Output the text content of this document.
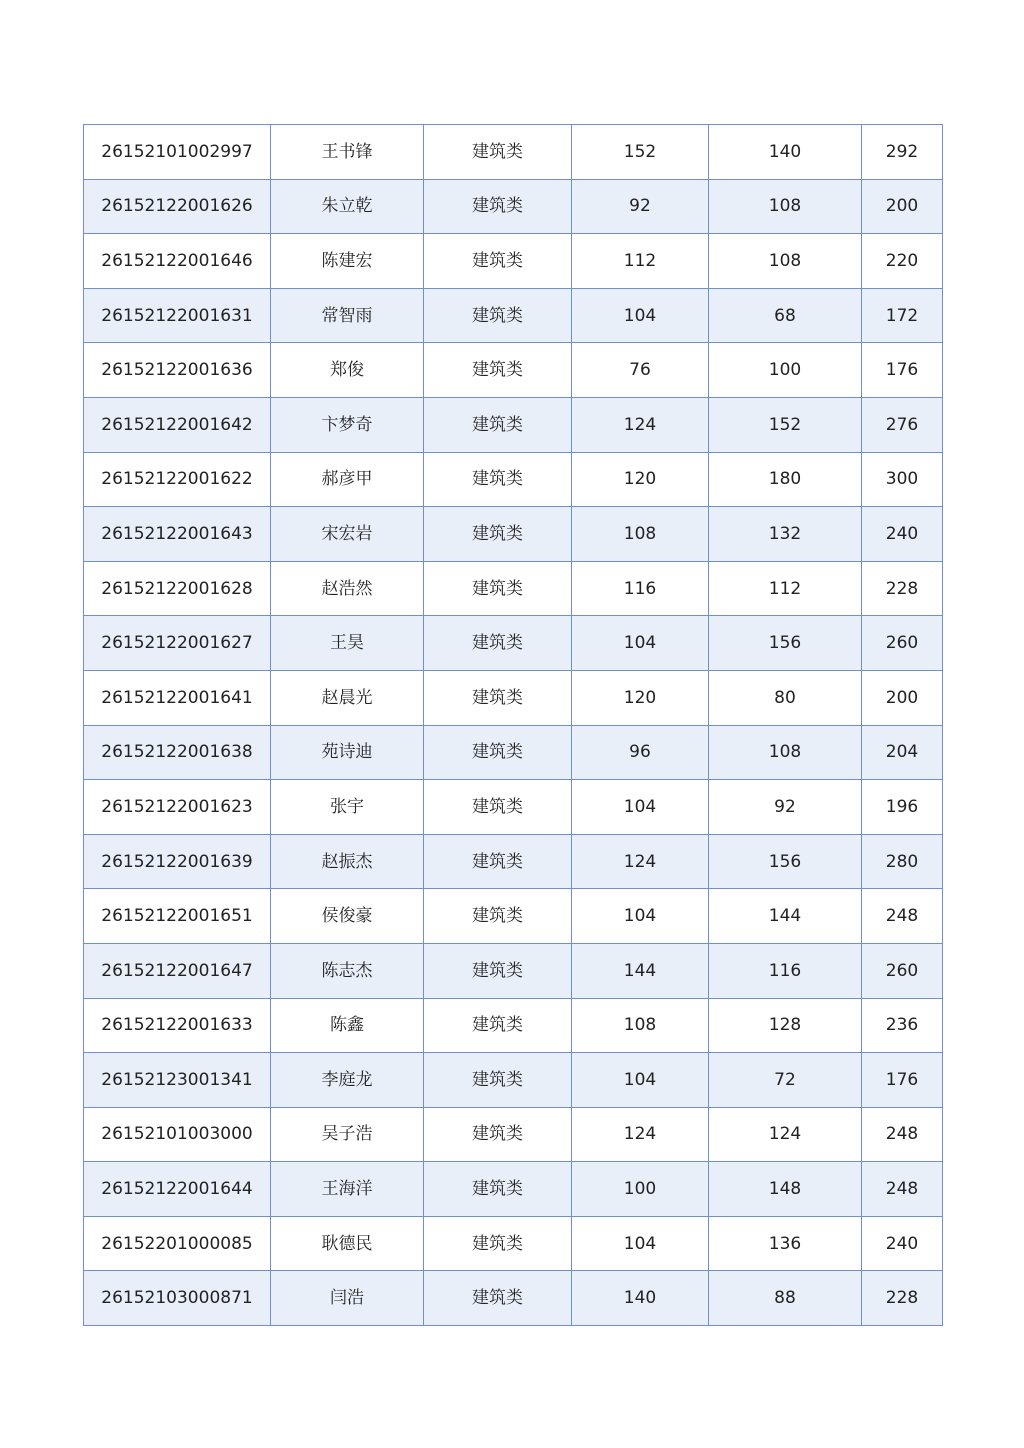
26152101002997	王书锋	建筑类	152	140	292
26152122001626	朱立乾	建筑类	92	108	200
26152122001646	陈建宏	建筑类	112	108	220
26152122001631	常智雨	建筑类	104	68	172
26152122001636	郑俊	建筑类	76	100	176
26152122001642	卞梦奇	建筑类	124	152	276
26152122001622	郝彦甲	建筑类	120	180	300
26152122001643	宋宏岩	建筑类	108	132	240
26152122001628	赵浩然	建筑类	116	112	228
26152122001627	王昊	建筑类	104	156	260
26152122001641	赵晨光	建筑类	120	80	200
26152122001638	苑诗迪	建筑类	96	108	204
26152122001623	张宇	建筑类	104	92	196
26152122001639	赵振杰	建筑类	124	156	280
26152122001651	侯俊豪	建筑类	104	144	248
26152122001647	陈志杰	建筑类	144	116	260
26152122001633	陈鑫	建筑类	108	128	236
26152123001341	李庭龙	建筑类	104	72	176
26152101003000	吴子浩	建筑类	124	124	248
26152122001644	王海洋	建筑类	100	148	248
26152201000085	耿德民	建筑类	104	136	240
26152103000871	闫浩	建筑类	140	88	228
